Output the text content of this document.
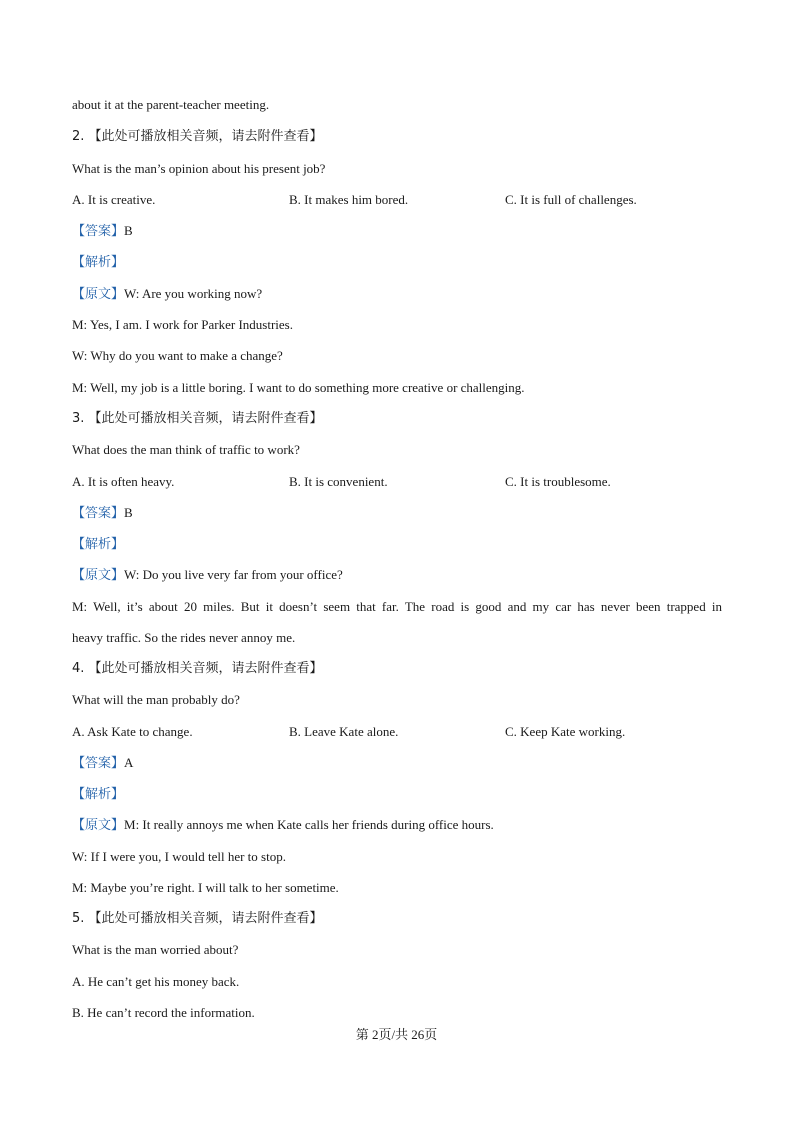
about it at the parent-teacher meeting.
2. 【此处可播放相关音频，请去附件查看】
What is the man’s opinion about his present job?
A. It is creative.	B. It makes him bored.	C. It is full of challenges.
【答案】B
【解析】
【原文】W: Are you working now?
M: Yes, I am. I work for Parker Industries.
W: Why do you want to make a change?
M: Well, my job is a little boring. I want to do something more creative or challenging.
3. 【此处可播放相关音频，请去附件查看】
What does the man think of traffic to work?
A. It is often heavy.	B. It is convenient.	C. It is troublesome.
【答案】B
【解析】
【原文】W: Do you live very far from your office?
M: Well, it’s about 20 miles. But it doesn’t seem that far. The road is good and my car has never been trapped in
heavy traffic. So the rides never annoy me.
4. 【此处可播放相关音频，请去附件查看】
What will the man probably do?
A. Ask Kate to change.	B. Leave Kate alone.	C. Keep Kate working.
【答案】A
【解析】
【原文】M: It really annoys me when Kate calls her friends during office hours.
W: If I were you, I would tell her to stop.
M: Maybe you’re right. I will talk to her sometime.
5. 【此处可播放相关音频，请去附件查看】
What is the man worried about?
A. He can’t get his money back.
B. He can’t record the information.
第 2页/共 26页
